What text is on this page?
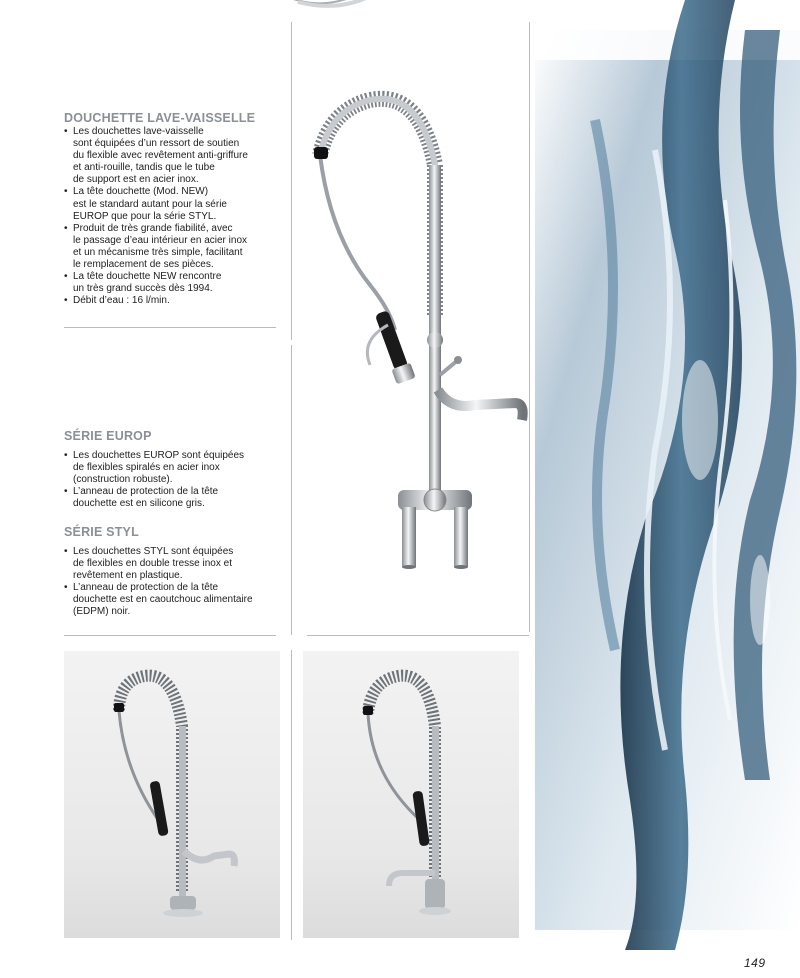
DOUCHETTE LAVE-VAISSELLE
• Les douchettes lave-vaisselle
sont équipées d’un ressort de soutien
du flexible avec revêtement anti-griffure
et anti-rouille, tandis que le tube
de support est en acier inox.
• La tête douchette (Mod. NEW)
est le standard autant pour la série
EUROP que pour la série STYL.
• Produit de très grande fiabilité, avec
le passage d’eau intérieur en acier inox
et un mécanisme très simple, facilitant
le remplacement de ses pièces.
• La tête douchette NEW rencontre
un très grand succès dès 1994.
• Débit d’eau : 16 l/min.
SÉRIE EUROP
• Les douchettes EUROP sont équipées
de flexibles spiralés en acier inox
(construction robuste).
• L’anneau de protection de la tête
douchette est en silicone gris.
SÉRIE STYL
• Les douchettes STYL sont équipées
de flexibles en double tresse inox et
revêtement en plastique.
• L’anneau de protection de la tête
douchette est en caoutchouc alimentaire
(EDPM) noir.
149
